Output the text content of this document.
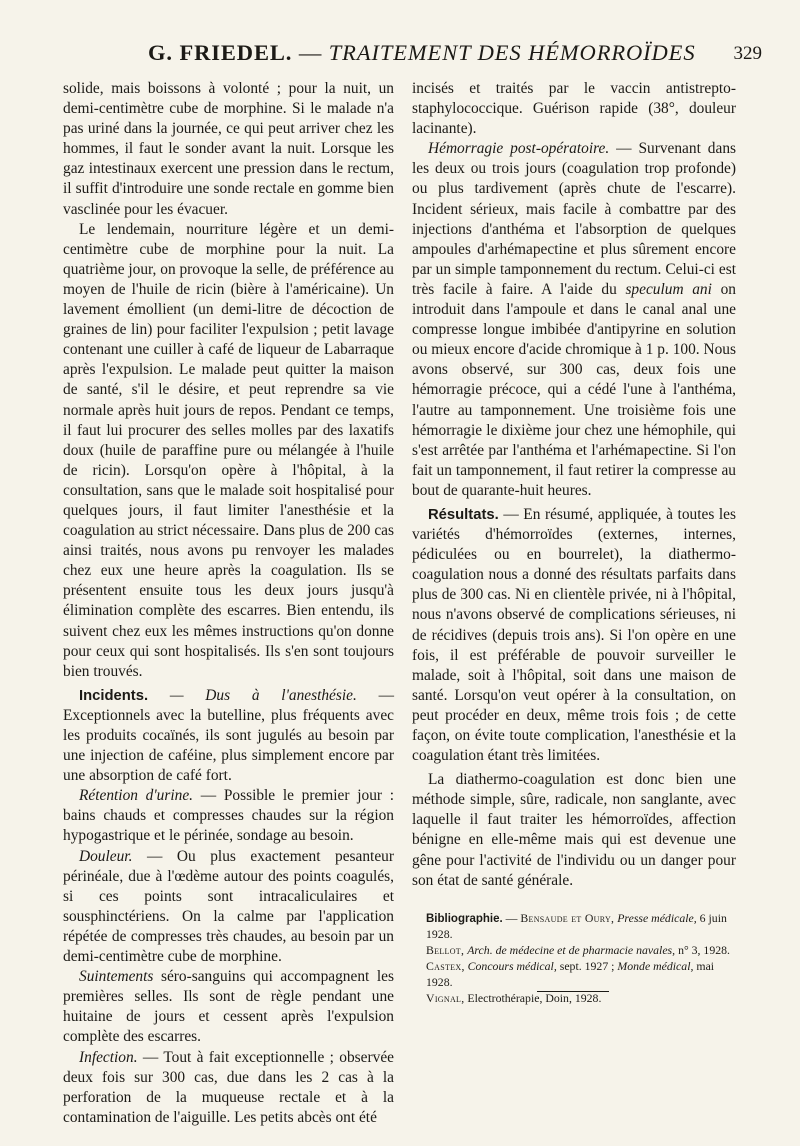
G. FRIEDEL. — TRAITEMENT DES HÉMORROÏDES 329

solide, mais boissons à volonté ; pour la nuit, un demi-centimètre cube de morphine. Si le malade n'a pas uriné dans la journée, ce qui peut arriver chez les hommes, il faut le sonder avant la nuit. Lorsque les gaz intestinaux exercent une pression dans le rectum, il suffit d'introduire une sonde rectale en gomme bien vasclinée pour les évacuer.

Le lendemain, nourriture légère et un demi-centimètre cube de morphine pour la nuit. La quatrième jour, on provoque la selle, de préférence au moyen de l'huile de ricin (bière à l'américaine). Un lavement émollient (un demi-litre de décoction de graines de lin) pour faciliter l'expulsion ; petit lavage contenant une cuiller à café de liqueur de Labarraque après l'expulsion. Le malade peut quitter la maison de santé, s'il le désire, et peut reprendre sa vie normale après huit jours de repos. Pendant ce temps, il faut lui procurer des selles molles par des laxatifs doux (huile de paraffine pure ou mélangée à l'huile de ricin). Lorsqu'on opère à l'hôpital, à la consultation, sans que le malade soit hospitalisé pour quelques jours, il faut limiter l'anesthésie et la coagulation au strict nécessaire. Dans plus de 200 cas ainsi traités, nous avons pu renvoyer les malades chez eux une heure après la coagulation. Ils se présentent ensuite tous les deux jours jusqu'à élimination complète des escarres. Bien entendu, ils suivent chez eux les mêmes instructions qu'on donne pour ceux qui sont hospitalisés. Ils s'en sont toujours bien trouvés.

Incidents. — Dus à l'anesthésie. — Exceptionnels avec la butelline, plus fréquents avec les produits cocaïnés, ils sont jugulés au besoin par une injection de caféine, plus simplement encore par une absorption de café fort.

Rétention d'urine. — Possible le premier jour : bains chauds et compresses chaudes sur la région hypogastrique et le périnée, sondage au besoin.

Douleur. — Ou plus exactement pesanteur périnéale, due à l'œdème autour des points coagulés, si ces points sont intracaliculaires et sousphinctériens. On la calme par l'application répétée de compresses très chaudes, au besoin par un demi-centimètre cube de morphine.

Suintements séro-sanguins qui accompagnent les premières selles. Ils sont de règle pendant une huitaine de jours et cessent après l'expulsion complète des escarres.

Infection. — Tout à fait exceptionnelle ; observée deux fois sur 300 cas, due dans les 2 cas à la perforation de la muqueuse rectale et à la contamination de l'aiguille. Les petits abcès ont été

incisés et traités par le vaccin antistrepto-staphylococcique. Guérison rapide (38°, douleur lacinante).

Hémorragie post-opératoire. — Survenant dans les deux ou trois jours (coagulation trop profonde) ou plus tardivement (après chute de l'escarre). Incident sérieux, mais facile à combattre par des injections d'anthéma et l'absorption de quelques ampoules d'arhémapectine et plus sûrement encore par un simple tamponnement du rectum. Celui-ci est très facile à faire. A l'aide du speculum ani on introduit dans l'ampoule et dans le canal anal une compresse longue imbibée d'antipyrine en solution ou mieux encore d'acide chromique à 1 p. 100. Nous avons observé, sur 300 cas, deux fois une hémorragie précoce, qui a cédé l'une à l'anthéma, l'autre au tamponnement. Une troisième fois une hémorragie le dixième jour chez une hémophile, qui s'est arrêtée par l'anthéma et l'arhémapectine. Si l'on fait un tamponnement, il faut retirer la compresse au bout de quarante-huit heures.

Résultats. — En résumé, appliquée, à toutes les variétés d'hémorroïdes (externes, internes, pédiculées ou en bourrelet), la diathermo-coagulation nous a donné des résultats parfaits dans plus de 300 cas. Ni en clientèle privée, ni à l'hôpital, nous n'avons observé de complications sérieuses, ni de récidives (depuis trois ans). Si l'on opère en une fois, il est préférable de pouvoir surveiller le malade, soit à l'hôpital, soit dans une maison de santé. Lorsqu'on veut opérer à la consultation, on peut procéder en deux, même trois fois ; de cette façon, on évite toute complication, l'anesthésie et la coagulation étant très limitées.

La diathermo-coagulation est donc bien une méthode simple, sûre, radicale, non sanglante, avec laquelle il faut traiter les hémorroïdes, affection bénigne en elle-même mais qui est devenue une gêne pour l'activité de l'individu ou un danger pour son état de santé générale.

Bibliographie. — Bensaude et Oury, Presse médicale, 6 juin 1928.

Bellot, Arch. de médecine et de pharmacie navales, n° 3, 1928.

Castex, Concours médical, sept. 1927 ; Monde médical, mai 1928.

Vignal, Electrothérapie, Doin, 1928.
